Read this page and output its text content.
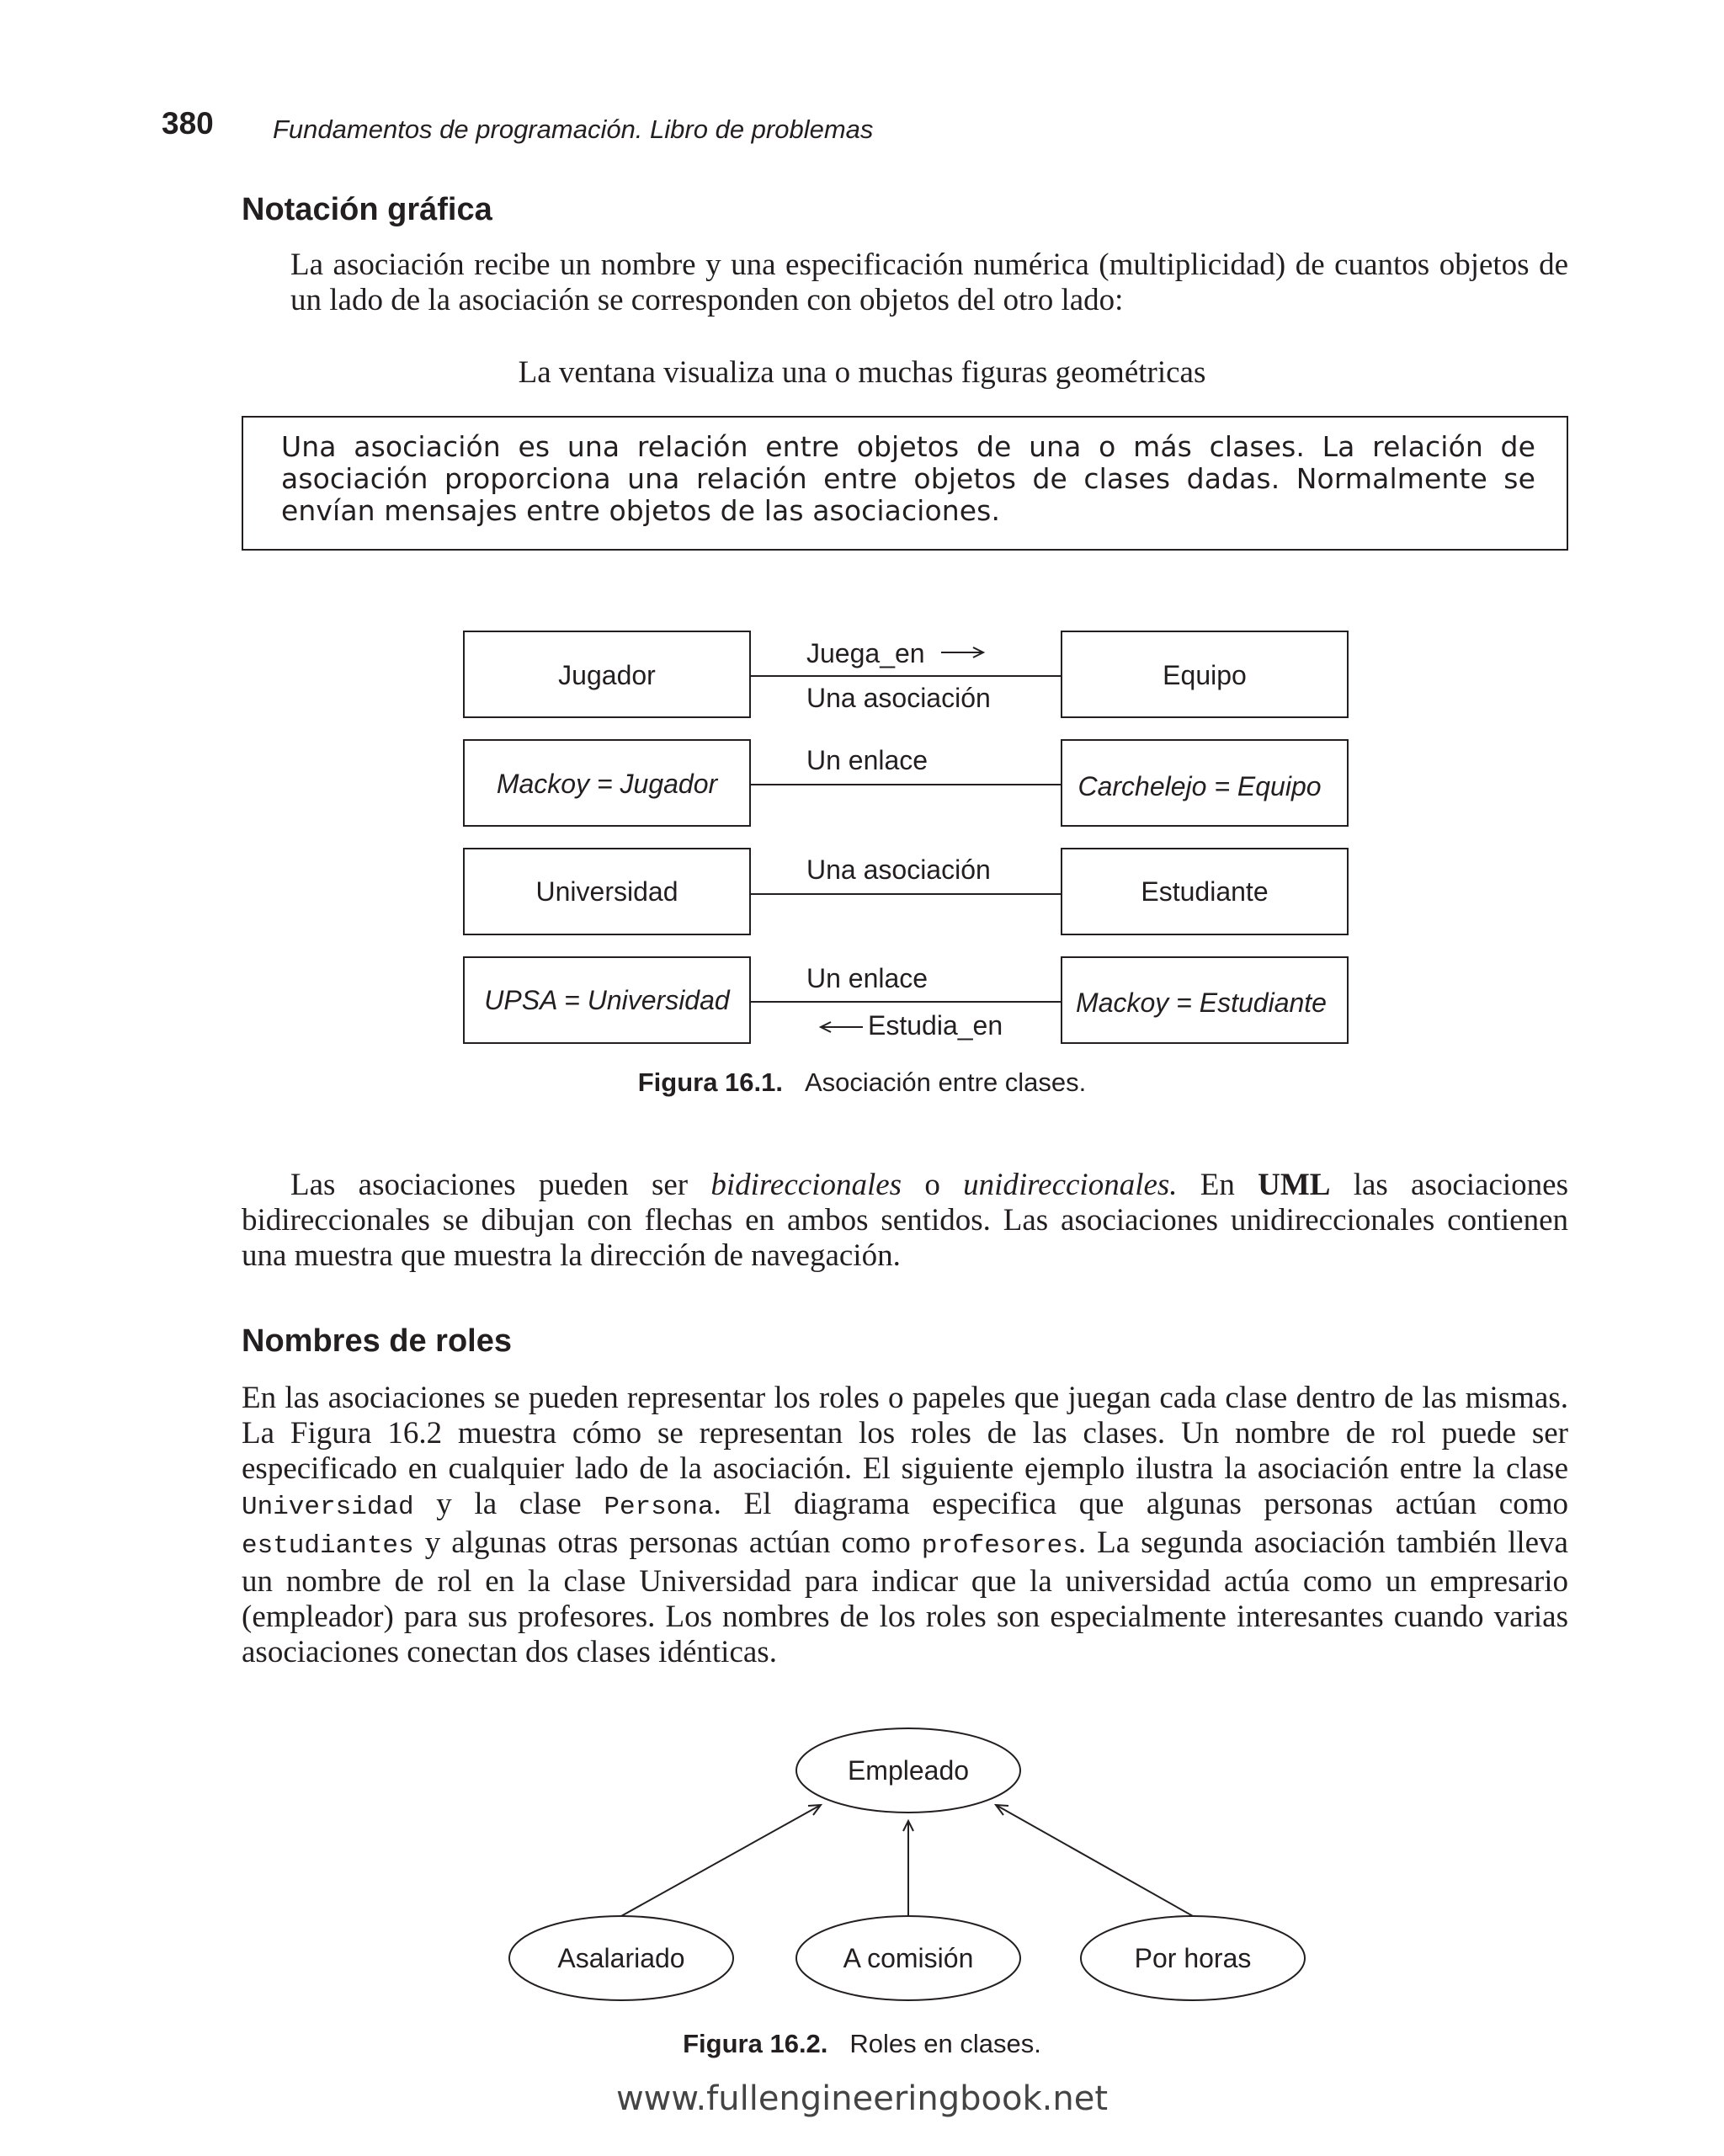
380 Fundamentos de programación. Libro de problemas
Notación gráfica
La asociación recibe un nombre y una especificación numérica (multiplicidad) de cuantos objetos de un lado de la asociación se corresponden con objetos del otro lado:
La ventana visualiza una o muchas figuras geométricas
Una asociación es una relación entre objetos de una o más clases. La relación de asociación proporciona una relación entre objetos de clases dadas. Normalmente se envían mensajes entre objetos de las asociaciones.
Jugador	Equipo
Juega_en
Una asociación
Mackoy = Jugador	Carchelejo = Equipo
Un enlace
Universidad	Estudiante
Una asociación
UPSA = Universidad	Mackoy = Estudiante
Un enlace
Estudia_en
Figura 16.1. Asociación entre clases.
Las asociaciones pueden ser bidireccionales o unidireccionales. En UML las asociaciones bidireccionales se dibujan con flechas en ambos sentidos. Las asociaciones unidireccionales contienen una muestra que muestra la dirección de navegación.
Nombres de roles
En las asociaciones se pueden representar los roles o papeles que juegan cada clase dentro de las mismas. La Figura 16.2 muestra cómo se representan los roles de las clases. Un nombre de rol puede ser especificado en cualquier lado de la asociación. El siguiente ejemplo ilustra la asociación entre la clase Universidad y la clase Persona. El diagrama especifica que algunas personas actúan como estudiantes y algunas otras personas actúan como profesores. La segunda asociación también lleva un nombre de rol en la clase Universidad para indicar que la universidad actúa como un empresario (empleador) para sus profesores. Los nombres de los roles son especialmente interesantes cuando varias asociaciones conectan dos clases idénticas.
Empleado
Asalariado	A comisión	Por horas
Figura 16.2. Roles en clases.
www.fullengineeringbook.net
